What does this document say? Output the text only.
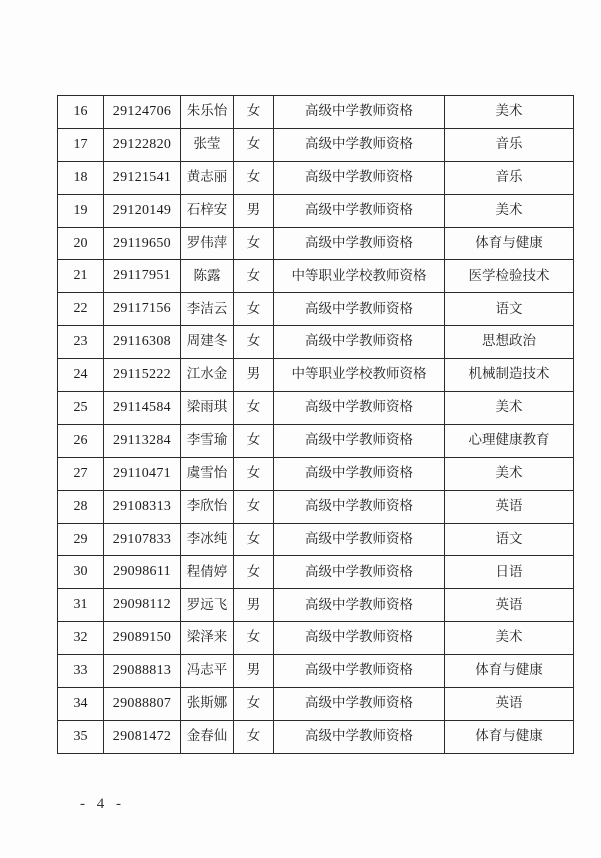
16	29124706	朱乐怡	女	高级中学教师资格	美术
17	29122820	张莹	女	高级中学教师资格	音乐
18	29121541	黄志丽	女	高级中学教师资格	音乐
19	29120149	石梓安	男	高级中学教师资格	美术
20	29119650	罗伟萍	女	高级中学教师资格	体育与健康
21	29117951	陈露	女	中等职业学校教师资格	医学检验技术
22	29117156	李洁云	女	高级中学教师资格	语文
23	29116308	周建冬	女	高级中学教师资格	思想政治
24	29115222	江水金	男	中等职业学校教师资格	机械制造技术
25	29114584	梁雨琪	女	高级中学教师资格	美术
26	29113284	李雪瑜	女	高级中学教师资格	心理健康教育
27	29110471	虞雪怡	女	高级中学教师资格	美术
28	29108313	李欣怡	女	高级中学教师资格	英语
29	29107833	李冰纯	女	高级中学教师资格	语文
30	29098611	程倩婷	女	高级中学教师资格	日语
31	29098112	罗远飞	男	高级中学教师资格	英语
32	29089150	梁泽来	女	高级中学教师资格	美术
33	29088813	冯志平	男	高级中学教师资格	体育与健康
34	29088807	张斯娜	女	高级中学教师资格	英语
35	29081472	金春仙	女	高级中学教师资格	体育与健康
- 4 -
